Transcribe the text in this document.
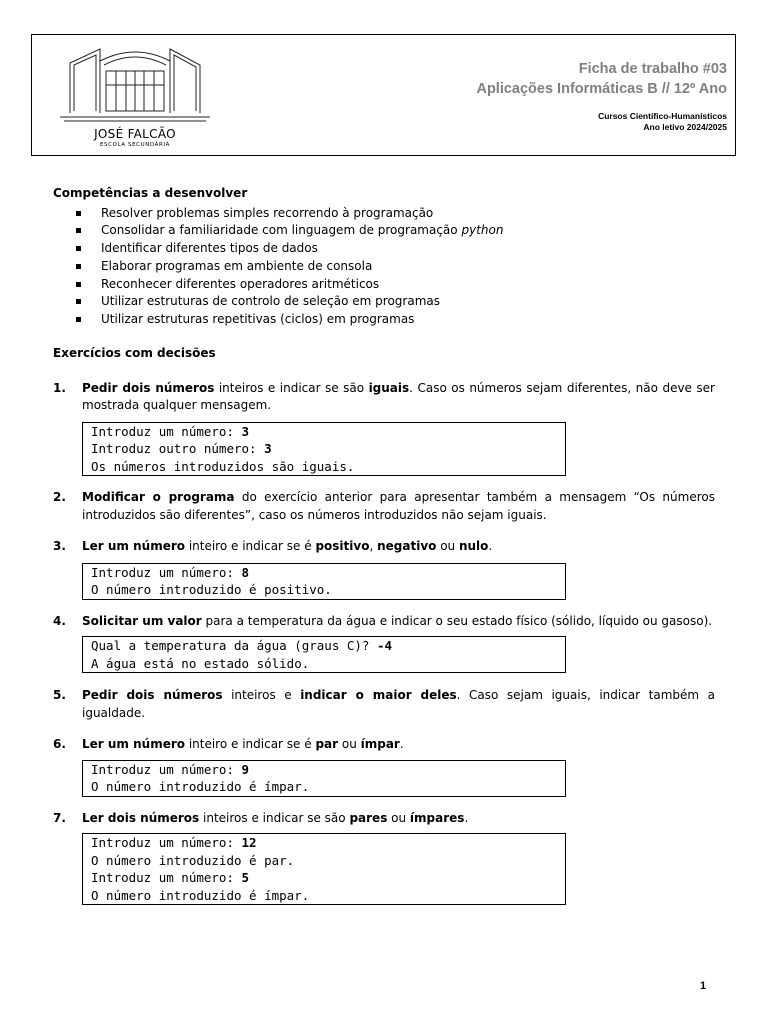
JOSÉ FALCÃO
ESCOLA SECUNDÁRIA
Ficha de trabalho #03
Aplicações Informáticas B // 12º Ano
Cursos Científico-Humanísticos
Ano letivo 2024/2025
Competências a desenvolver
Resolver problemas simples recorrendo à programação
Consolidar a familiaridade com linguagem de programação python
Identificar diferentes tipos de dados
Elaborar programas em ambiente de consola
Reconhecer diferentes operadores aritméticos
Utilizar estruturas de controlo de seleção em programas
Utilizar estruturas repetitivas (ciclos) em programas
Exercícios com decisões
1. Pedir dois números inteiros e indicar se são iguais. Caso os números sejam diferentes, não deve ser mostrada qualquer mensagem.
Introduz um número: 3
Introduz outro número: 3
Os números introduzidos são iguais.
2. Modificar o programa do exercício anterior para apresentar também a mensagem “Os números introduzidos são diferentes”, caso os números introduzidos não sejam iguais.
3. Ler um número inteiro e indicar se é positivo, negativo ou nulo.
Introduz um número: 8
O número introduzido é positivo.
4. Solicitar um valor para a temperatura da água e indicar o seu estado físico (sólido, líquido ou gasoso).
Qual a temperatura da água (graus C)? -4
A água está no estado sólido.
5. Pedir dois números inteiros e indicar o maior deles. Caso sejam iguais, indicar também a igualdade.
6. Ler um número inteiro e indicar se é par ou ímpar.
Introduz um número: 9
O número introduzido é ímpar.
7. Ler dois números inteiros e indicar se são pares ou ímpares.
Introduz um número: 12
O número introduzido é par.
Introduz um número: 5
O número introduzido é ímpar.
1
